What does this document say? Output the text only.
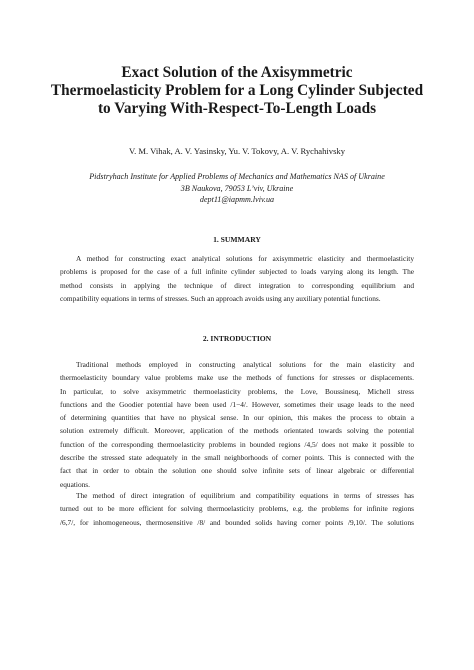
Exact Solution of the Axisymmetric
Thermoelasticity Problem for a Long Cylinder Subjected
to Varying With-Respect-To-Length Loads
V. M. Vihak, A. V. Yasinsky, Yu. V. Tokovy, A. V. Rychahivsky
Pidstryhach Institute for Applied Problems of Mechanics and Mathematics NAS of Ukraine
3B Naukova, 79053 L’viv, Ukraine
dept11@iapmm.lviv.ua
1. SUMMARY
A method for constructing exact analytical solutions for axisymmetric elasticity and thermoelasticity
problems is proposed for the case of a full infinite cylinder subjected to loads varying along its length. The
method consists in applying the technique of direct integration to corresponding equilibrium and
compatibility equations in terms of stresses. Such an approach avoids using any auxiliary potential functions.
2. INTRODUCTION
Traditional methods employed in constructing analytical solutions for the main elasticity and
thermoelasticity boundary value problems make use the methods of functions for stresses or displacements.
In particular, to solve axisymmetric thermoelasticity problems, the Love, Boussinesq, Michell stress
functions and the Goodier potential have been used /1−4/. However, sometimes their usage leads to the need
of determining quantities that have no physical sense. In our opinion, this makes the process to obtain a
solution extremely difficult. Moreover, application of the methods orientated towards solving the potential
function of the corresponding thermoelasticity problems in bounded regions /4,5/ does not make it possible to
describe the stressed state adequately in the small neighborhoods of corner points. This is connected with the
fact that in order to obtain the solution one should solve infinite sets of linear algebraic or differential
equations.
The method of direct integration of equilibrium and compatibility equations in terms of stresses has
turned out to be more efficient for solving thermoelasticity problems, e.g. the problems for infinite regions
/6,7/, for inhomogeneous, thermosensitive /8/ and bounded solids having corner points /9,10/. The solutions
